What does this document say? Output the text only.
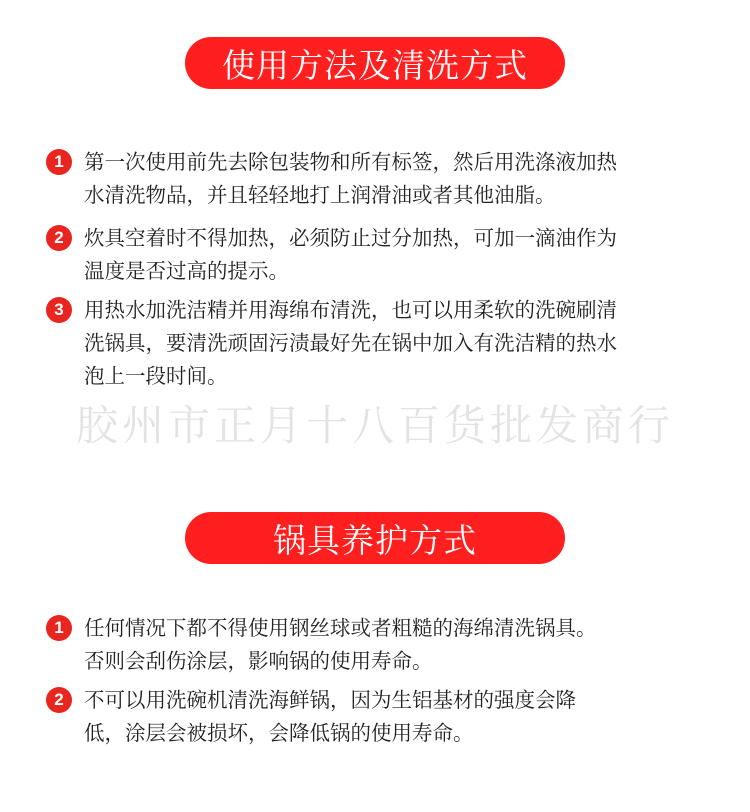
使用方法及清洗方式
1 第一次使用前先去除包装物和所有标签，然后用洗涤液加热
水清洗物品，并且轻轻地打上润滑油或者其他油脂。
2 炊具空着时不得加热，必须防止过分加热，可加一滴油作为
温度是否过高的提示。
3 用热水加洗洁精并用海绵布清洗，也可以用柔软的洗碗刷清
洗锅具，要清洗顽固污渍最好先在锅中加入有洗洁精的热水
泡上一段时间。
胶州市正月十八百货批发商行
锅具养护方式
1 任何情况下都不得使用钢丝球或者粗糙的海绵清洗锅具。
否则会刮伤涂层，影响锅的使用寿命。
2 不可以用洗碗机清洗海鲜锅，因为生铝基材的强度会降
低，涂层会被损坏，会降低锅的使用寿命。
